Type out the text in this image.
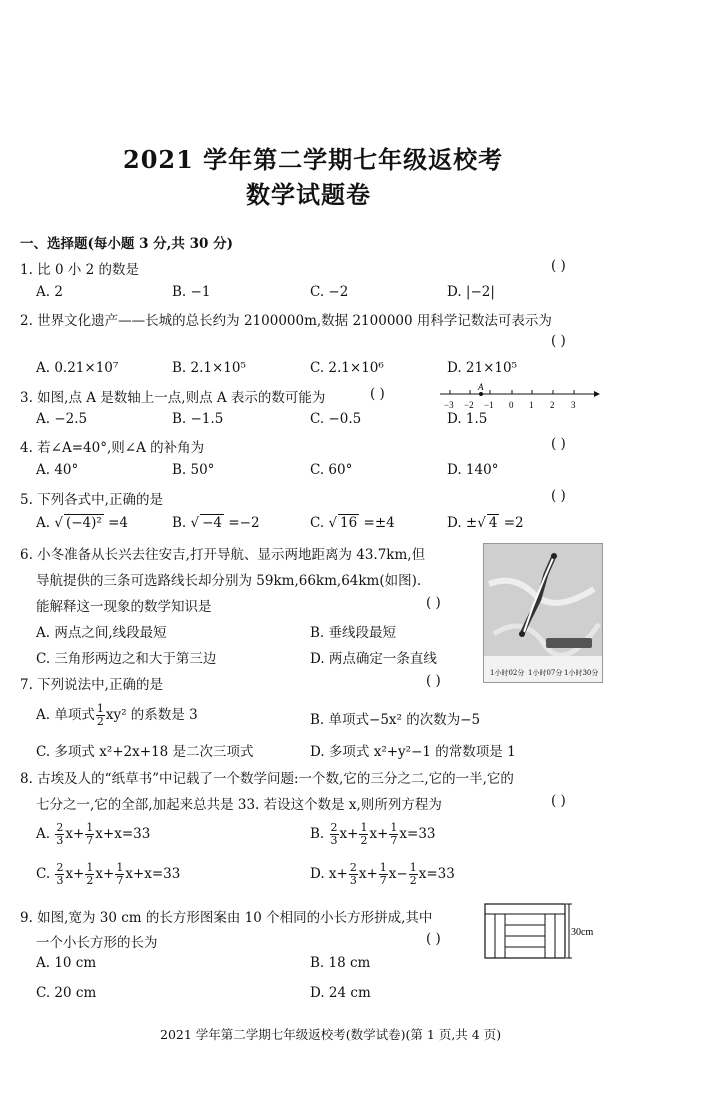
2021 学年第二学期七年级返校考
数学试题卷
一、选择题(每小题 3 分,共 30 分)
1. 比 0 小 2 的数是	( )
A. 2	B. −1	C. −2	D. |−2|
2. 世界文化遗产——长城的总长约为 2100000m,数据 2100000 用科学记数法可表示为
( )
A. 0.21×10⁷	B. 2.1×10⁵	C. 2.1×10⁶	D. 21×10⁵
3. 如图,点 A 是数轴上一点,则点 A 表示的数可能为	( )	A
−3 −2 −1 0 1 2 3
A. −2.5	B. −1.5	C. −0.5	D. 1.5
4. 若∠A=40°,则∠A 的补角为	( )
A. 40°	B. 50°	C. 60°	D. 140°
5. 下列各式中,正确的是	( )
A. √ (−4)² =4	B. √ −4 =−2	C. √ 16 =±4	D. ±√ 4 =2
6. 小冬准备从长兴去往安吉,打开导航、显示两地距离为 43.7km,但
导航提供的三条可选路线长却分别为 59km,66km,64km(如图).
能解释这一现象的数学知识是	( )
A. 两点之间,线段最短	B. 垂线段最短
C. 三角形两边之和大于第三边	D. 两点确定一条直线
1小时02分 1小时07分 1小时30分
7. 下列说法中,正确的是	( )
A. 单项式 $\frac{1}{2} xy^2$ 的系数是 3	B. 单项式−5x² 的次数为−5
C. 多项式 x²+2x+18 是二次三项式	D. 多项式 x²+y²−1 的常数项是 1
8. 古埃及人的“纸草书”中记载了一个数学问题:一个数,它的三分之二,它的一半,它的
七分之一,它的全部,加起来总共是 33. 若设这个数是 x,则所列方程为	( )
A. $\frac{2}{3} x+ \frac{1}{7} x+x=33$	B. $\frac{2}{3} x+ \frac{1}{2} x+ \frac{1}{7} x=33$
C. $\frac{2}{3} x+ \frac{1}{2} x+ \frac{1}{7} x+x=33$	D. $x+ \frac{2}{3} x+ \frac{1}{7} x- \frac{1}{2} x=33$
9. 如图,宽为 30 cm 的长方形图案由 10 个相同的小长方形拼成,其中
一个小长方形的长为	( )
A. 10 cm	B. 18 cm
C. 20 cm	D. 24 cm
30cm
2021 学年第二学期七年级返校考(数学试卷)(第 1 页,共 4 页)
